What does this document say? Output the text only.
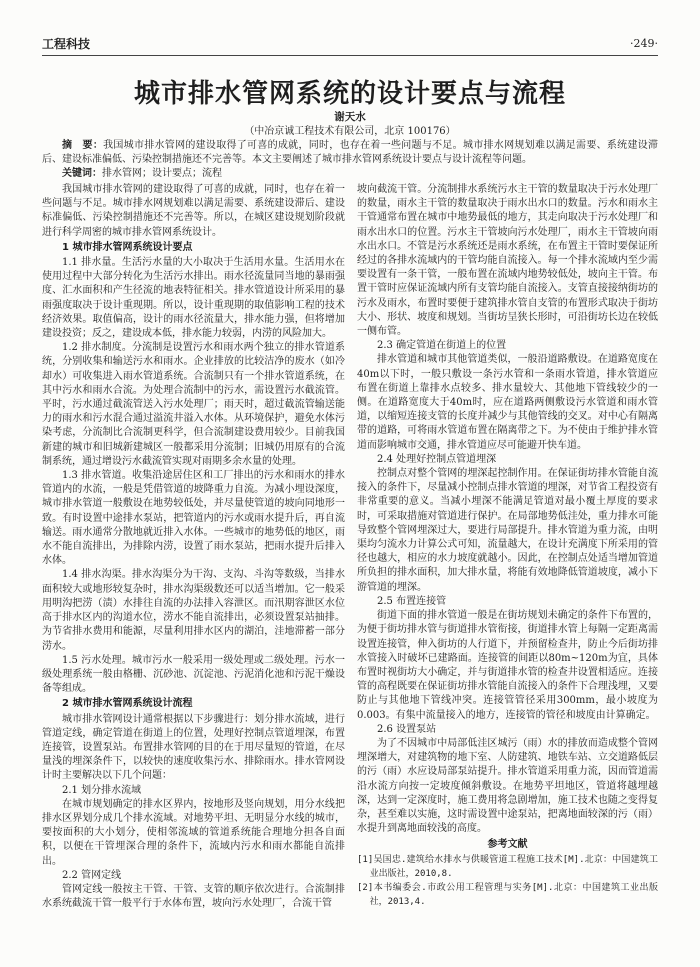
工程科技	·249·
城市排水管网系统的设计要点与流程
谢天水
（中冶京诚工程技术有限公司，北京 100176）

摘　要：我国城市排水管网的建设取得了可喜的成就，同时，也存在着一些问题与不足。城市排水网规划难以满足需要、系统建设滞后、建设标准偏低、污染控制措施还不完善等。本文主要阐述了城市排水管网系统设计要点与设计流程等问题。

关键词：排水管网；设计要点；流程

我国城市排水管网的建设取得了可喜的成就，同时，也存在着一些问题与不足。城市排水网规划难以满足需要、系统建设滞后、建设标准偏低、污染控制措施还不完善等。所以，在城区建设规划阶段就进行科学周密的城市排水管网系统设计。

1 城市排水管网系统设计要点

1.1 排水量。生活污水量的大小取决于生活用水量。生活用水在使用过程中大部分转化为生活污水排出。雨水径流量同当地的暴雨强度、汇水面积和产生径流的地表特征相关。排水管道设计所采用的暴雨强度取决于设计重现期。所以，设计重现期的取值影响工程的技术经济效果。取值偏高，设计的雨水径流量大，排水能力强，但将增加建设投资；反之，建设成本低，排水能力较弱，内涝的风险加大。

1.2 排水制度。分流制是设置污水和雨水两个独立的排水管道系统，分别收集和输送污水和雨水。企业排放的比较洁净的废水（如冷却水）可收集进入雨水管道系统。合流制只有一个排水管道系统，在其中污水和雨水合流。为处理合流制中的污水，需设置污水截流管。平时，污水通过截流管送入污水处理厂；雨天时，超过截流管输送能力的雨水和污水混合通过溢流井溢入水体。从环境保护，避免水体污染考虑，分流制比合流制更科学，但合流制建设费用较少。目前我国新建的城市和旧城新建城区一般都采用分流制；旧城仍用原有的合流制系统，通过增设污水截流管实现对雨期多余水量的处理。

1.3 排水管道。收集沿途居住区和工厂排出的污水和雨水的排水管道内的水流，一般是凭借管道的坡降重力自流。为减小埋设深度，城市排水管道一般敷设在地势较低处，并尽量使管道的坡向同地形一致。有时设置中途排水泵站，把管道内的污水或雨水提升后，再自流输送。雨水通常分散地就近排入水体。一些城市的地势低的地区，雨水不能自流排出，为排除内涝，设置了雨水泵站，把雨水提升后排入水体。

1.4 排水沟渠。排水沟渠分为干沟、支沟、斗沟等数级，当排水面积较大或地形较复杂时，排水沟渠级数还可以适当增加。它一般采用明沟把涝（渍）水排往自流的办法排入容泄区。而汛期容泄区水位高于排水区内的沟道水位，涝水不能自流排出，必须设置泵站抽排。为节省排水费用和能源，尽量利用排水区内的湖泊，洼地滞蓄一部分涝水。

1.5 污水处理。城市污水一般采用一级处理或二级处理。污水一级处理系统一般由格栅、沉砂池、沉淀池、污泥消化池和污泥干燥设备等组成。

2 城市排水管网系统设计流程

城市排水管网设计通常根据以下步骤进行：划分排水流域，进行管道定线，确定管道在街道上的位置，处理好控制点管道埋深，布置连接管，设置泵站。布置排水管网的目的在于用尽量短的管道，在尽量浅的埋深条件下，以较快的速度收集污水、排除雨水。排水管网设计时主要解决以下几个问题：

2.1 划分排水流域

在城市规划确定的排水区界内，按地形及竖向规划，用分水线把排水区界划分成几个排水流域。对地势平坦、无明显分水线的城市，要按面积的大小划分，使相邻流域的管道系统能合理地分担各自面积，以便在干管埋深合理的条件下，流域内污水和雨水都能自流排出。

2.2 管网定线

管网定线一般按主干管、干管、支管的顺序依次进行。合流制排水系统截流干管一般平行于水体布置，坡向污水处理厂，合流干管

坡向截流干管。分流制排水系统污水主干管的数量取决于污水处理厂的数量，雨水主干管的数量取决于雨水出水口的数量。污水和雨水主干管通常布置在城市中地势最低的地方，其走向取决于污水处理厂和雨水出水口的位置。污水主干管坡向污水处理厂，雨水主干管坡向雨水出水口。不管是污水系统还是雨水系统，在布置主干管时要保证所经过的各排水流域内的干管均能自流接入。每一个排水流域内至少需要设置有一条干管，一般布置在流域内地势较低处，坡向主干管。布置干管时应保证流域内所有支管均能自流接入。支管直接接纳街坊的污水及雨水，布置时要便于建筑排水管自支管的布置形式取决于街坊大小、形状、坡度和规划。当街坊呈狭长形时，可沿街坊长边在较低一侧布管。

2.3 确定管道在街道上的位置

排水管道和城市其他管道类似，一般沿道路敷设。在道路宽度在40m以下时，一般只敷设一条污水管和一条雨水管道，排水管道应布置在街道上靠排水点较多、排水量较大、其他地下管线较少的一侧。在道路宽度大于40m时，应在道路两侧敷设污水管道和雨水管道，以缩短连接支管的长度并减少与其他管线的交叉。对中心有隔离带的道路，可将雨水管道布置在隔离带之下。为不使由于维护排水管道而影响城市交通，排水管道应尽可能避开快车道。

2.4 处理好控制点管道埋深

控制点对整个管网的埋深起控制作用。在保证街坊排水管能自流接入的条件下，尽量减小控制点排水管道的埋深，对节省工程投资有非常重要的意义。当减小埋深不能满足管道对最小覆土厚度的要求时，可采取措施对管道进行保护。在局部地势低洼处，重力排水可能导致整个管网埋深过大，要进行局部提升。排水管道为重力流，由明渠均匀流水力计算公式可知，流量越大，在设计充满度下所采用的管径也越大，相应的水力坡度就越小。因此，在控制点处适当增加管道所负担的排水面积，加大排水量，将能有效地降低管道坡度，减小下游管道的埋深。

2.5 布置连接管

街道下面的排水管道一般是在街坊规划未确定的条件下布置的，为便于街坊排水管与街道排水管衔接，街道排水管上每隔一定距离需设置连接管，伸入街坊的人行道下，并预留检查井，防止今后街坊排水管接入时破坏已建路面。连接管的间距以80m~120m为宜，具体布置时视街坊大小确定，并与街道排水管的检查井设置相适应。连接管的高程既要在保证街坊排水管能自流接入的条件下合理浅埋，又要防止与其他地下管线冲突。连接管管径采用300mm，最小坡度为0.003。有集中流量接入的地方，连接管的管径和坡度由计算确定。

2.6 设置泵站

为了不因城市中局部低洼区城污（雨）水的排放而造成整个管网埋深增大，对建筑物的地下室、人防建筑、地铁车站、立交道路低层的污（雨）水应设局部泵站提升。排水管道采用重力流，因而管道需沿水流方向按一定坡度倾斜敷设。在地势平坦地区，管道将越埋越深，达到一定深度时，施工费用将急剧增加，施工技术也随之变得复杂，甚至难以实施，这时需设置中途泵站，把离地面较深的污（雨）水提升到离地面较浅的高度。

参考文献

[1]吴国忠.建筑给水排水与供暖管道工程施工技术[M].北京：中国建筑工业出版社，2010,8.

[2]本书编委会.市政公用工程管理与实务[M].北京：中国建筑工业出版社，2013,4.
